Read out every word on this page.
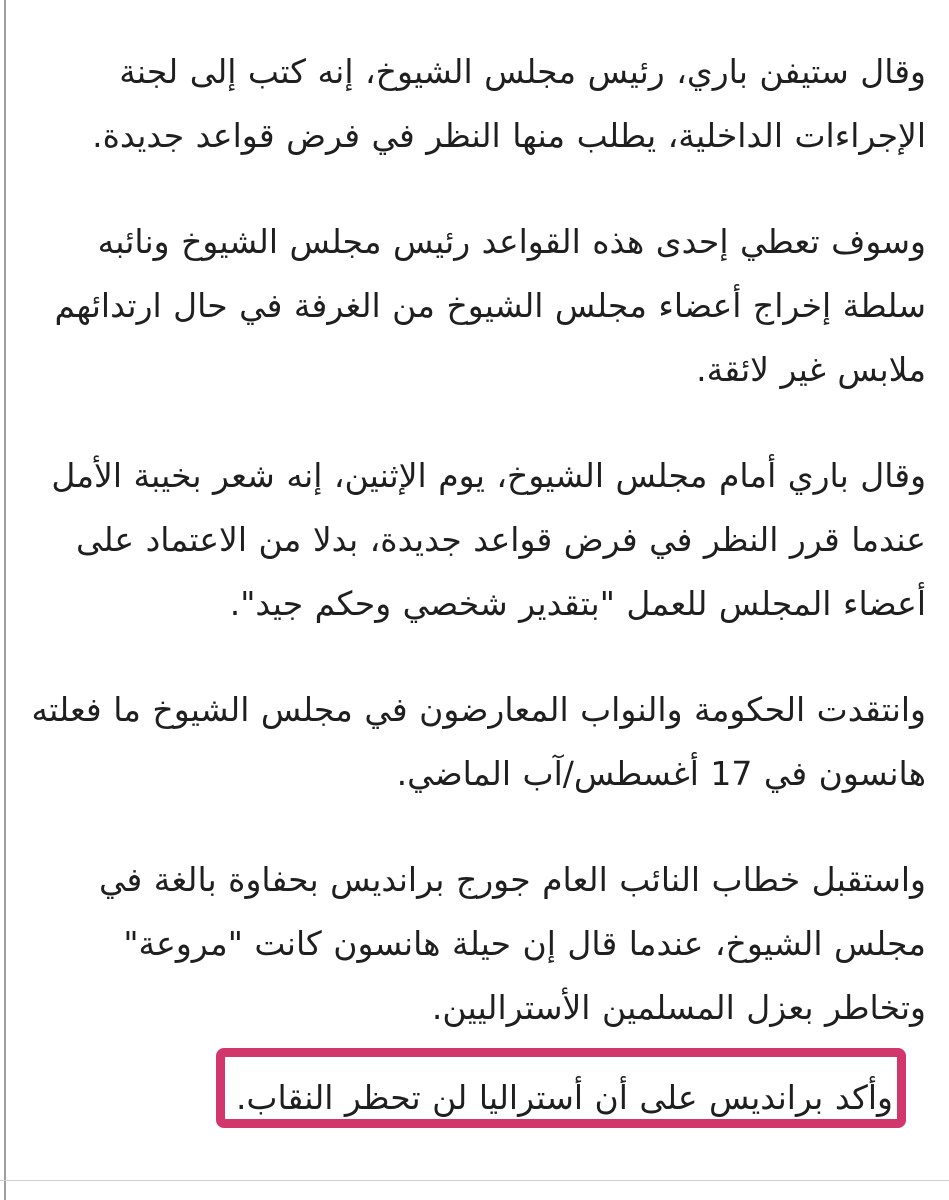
وقال ستيفن باري، رئيس مجلس الشيوخ، إنه كتب إلى لجنة الإجراءات الداخلية، يطلب منها النظر في فرض قواعد جديدة.

وسوف تعطي إحدى هذه القواعد رئيس مجلس الشيوخ ونائبه سلطة إخراج أعضاء مجلس الشيوخ من الغرفة في حال ارتدائهم ملابس غير لائقة.

وقال باري أمام مجلس الشيوخ، يوم الإثنين، إنه شعر بخيبة الأمل عندما قرر النظر في فرض قواعد جديدة، بدلا من الاعتماد على أعضاء المجلس للعمل "بتقدير شخصي وحكم جيد".

وانتقدت الحكومة والنواب المعارضون في مجلس الشيوخ ما فعلته هانسون في 17 أغسطس/آب الماضي.

واستقبل خطاب النائب العام جورج برانديس بحفاوة بالغة في مجلس الشيوخ، عندما قال إن حيلة هانسون كانت "مروعة" وتخاطر بعزل المسلمين الأستراليين.

وأكد برانديس على أن أستراليا لن تحظر النقاب.
